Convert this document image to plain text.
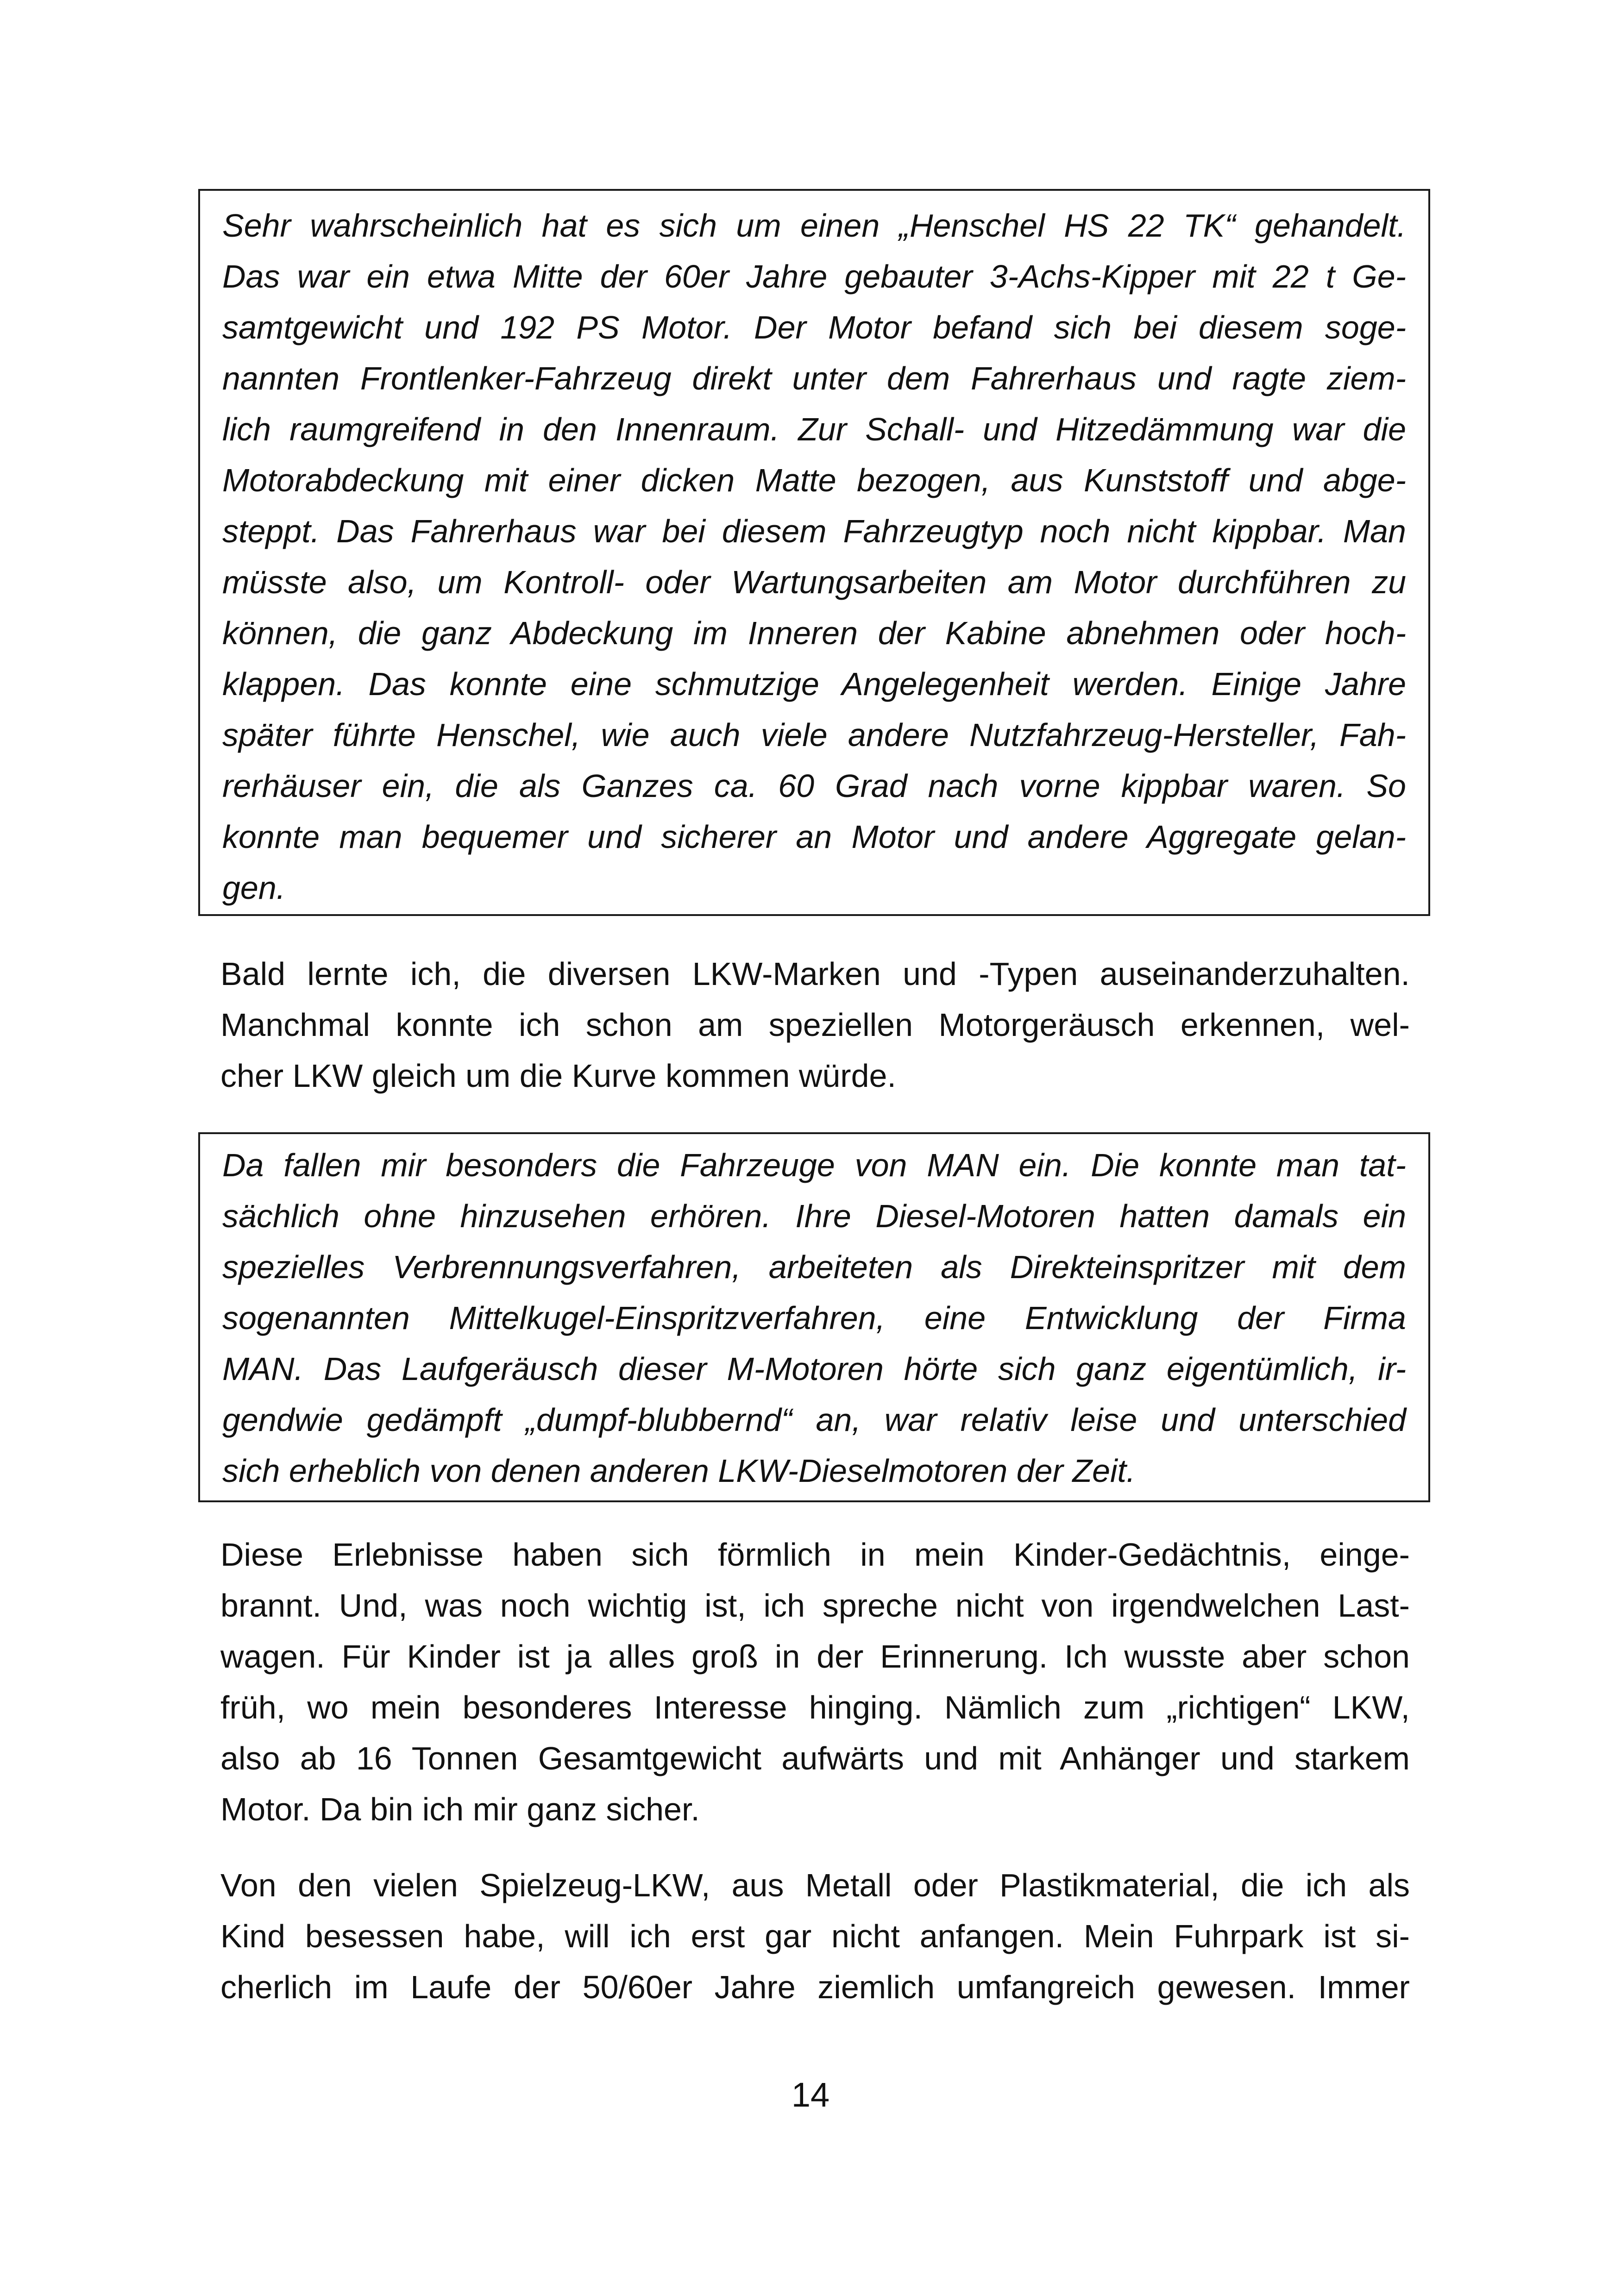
Sehr wahrscheinlich hat es sich um einen „Henschel HS 22 TK“ gehandelt.
Das war ein etwa Mitte der 60er Jahre gebauter 3-Achs-Kipper mit 22 t Ge-
samtgewicht und 192 PS Motor. Der Motor befand sich bei diesem soge-
nannten Frontlenker-Fahrzeug direkt unter dem Fahrerhaus und ragte ziem-
lich raumgreifend in den Innenraum. Zur Schall- und Hitzedämmung war die
Motorabdeckung mit einer dicken Matte bezogen, aus Kunststoff und abge-
steppt. Das Fahrerhaus war bei diesem Fahrzeugtyp noch nicht kippbar. Man
müsste also, um Kontroll- oder Wartungsarbeiten am Motor durchführen zu
können, die ganz Abdeckung im Inneren der Kabine abnehmen oder hoch-
klappen. Das konnte eine schmutzige Angelegenheit werden. Einige Jahre
später führte Henschel, wie auch viele andere Nutzfahrzeug-Hersteller, Fah-
rerhäuser ein, die als Ganzes ca. 60 Grad nach vorne kippbar waren. So
konnte man bequemer und sicherer an Motor und andere Aggregate gelan-
gen.
Bald lernte ich, die diversen LKW-Marken und -Typen auseinanderzuhalten.
Manchmal konnte ich schon am speziellen Motorgeräusch erkennen, wel-
cher LKW gleich um die Kurve kommen würde.
Da fallen mir besonders die Fahrzeuge von MAN ein. Die konnte man tat-
sächlich ohne hinzusehen erhören. Ihre Diesel-Motoren hatten damals ein
spezielles Verbrennungsverfahren, arbeiteten als Direkteinspritzer mit dem
sogenannten Mittelkugel-Einspritzverfahren, eine Entwicklung der Firma
MAN. Das Laufgeräusch dieser M-Motoren hörte sich ganz eigentümlich, ir-
gendwie gedämpft „dumpf-blubbernd“ an, war relativ leise und unterschied
sich erheblich von denen anderen LKW-Dieselmotoren der Zeit.
Diese Erlebnisse haben sich förmlich in mein Kinder-Gedächtnis, einge-
brannt. Und, was noch wichtig ist, ich spreche nicht von irgendwelchen Last-
wagen. Für Kinder ist ja alles groß in der Erinnerung. Ich wusste aber schon
früh, wo mein besonderes Interesse hinging. Nämlich zum „richtigen“ LKW,
also ab 16 Tonnen Gesamtgewicht aufwärts und mit Anhänger und starkem
Motor. Da bin ich mir ganz sicher.
Von den vielen Spielzeug-LKW, aus Metall oder Plastikmaterial, die ich als
Kind besessen habe, will ich erst gar nicht anfangen. Mein Fuhrpark ist si-
cherlich im Laufe der 50/60er Jahre ziemlich umfangreich gewesen. Immer
14
